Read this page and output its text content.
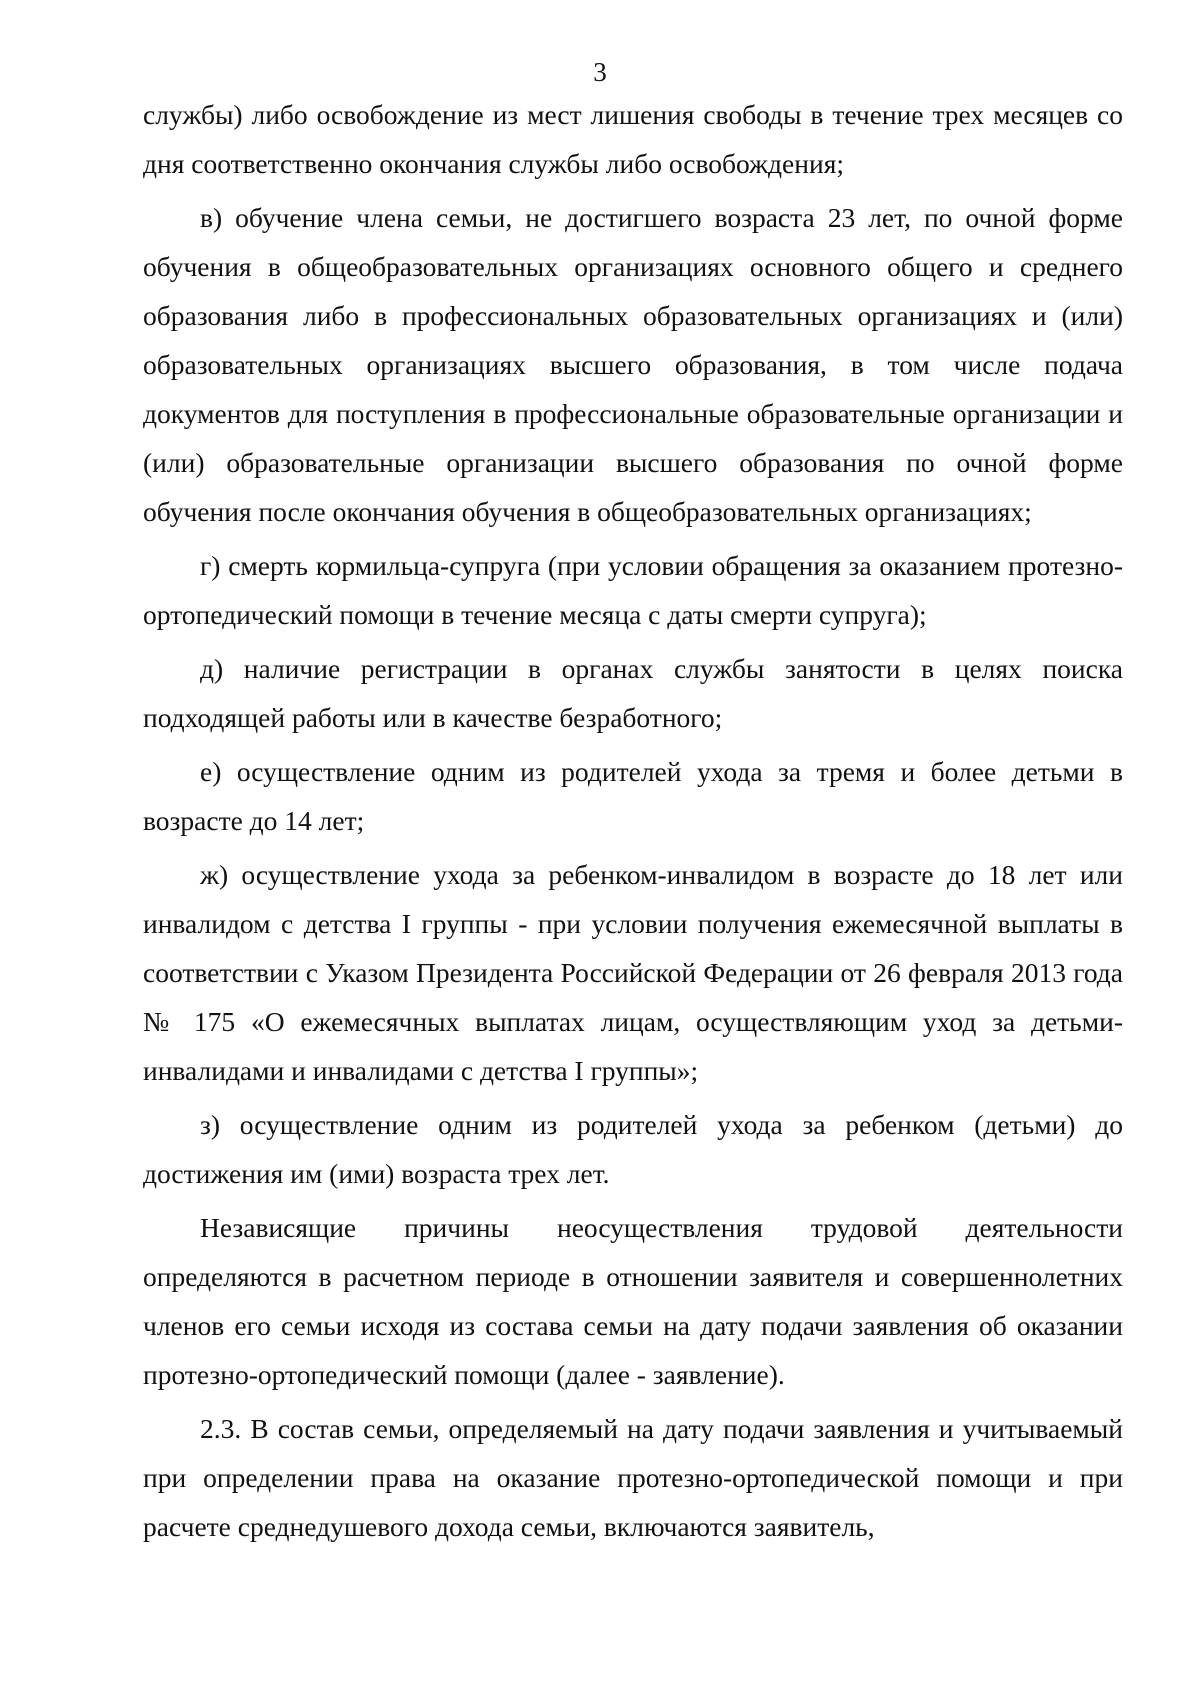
3

службы) либо освобождение из мест лишения свободы в течение трех месяцев со дня соответственно окончания службы либо освобождения;

в) обучение члена семьи, не достигшего возраста 23 лет, по очной форме обучения в общеобразовательных организациях основного общего и среднего образования либо в профессиональных образовательных организациях и (или) образовательных организациях высшего образования, в том числе подача документов для поступления в профессиональные образовательные организации и (или) образовательные организации высшего образования по очной форме обучения после окончания обучения в общеобразовательных организациях;

г) смерть кормильца-супруга (при условии обращения за оказанием протезно-ортопедический помощи в течение месяца с даты смерти супруга);

д) наличие регистрации в органах службы занятости в целях поиска подходящей работы или в качестве безработного;

е) осуществление одним из родителей ухода за тремя и более детьми в возрасте до 14 лет;

ж) осуществление ухода за ребенком-инвалидом в возрасте до 18 лет или инвалидом с детства I группы - при условии получения ежемесячной выплаты в соответствии с Указом Президента Российской Федерации от 26 февраля 2013 года № 175 «О ежемесячных выплатах лицам, осуществляющим уход за детьми-инвалидами и инвалидами с детства I группы»;

з) осуществление одним из родителей ухода за ребенком (детьми) до достижения им (ими) возраста трех лет.

Независящие причины неосуществления трудовой деятельности определяются в расчетном периоде в отношении заявителя и совершеннолетних членов его семьи исходя из состава семьи на дату подачи заявления об оказании протезно-ортопедический помощи (далее - заявление).

2.3. В состав семьи, определяемый на дату подачи заявления и учитываемый при определении права на оказание протезно-ортопедической помощи и при расчете среднедушевого дохода семьи, включаются заявитель,
